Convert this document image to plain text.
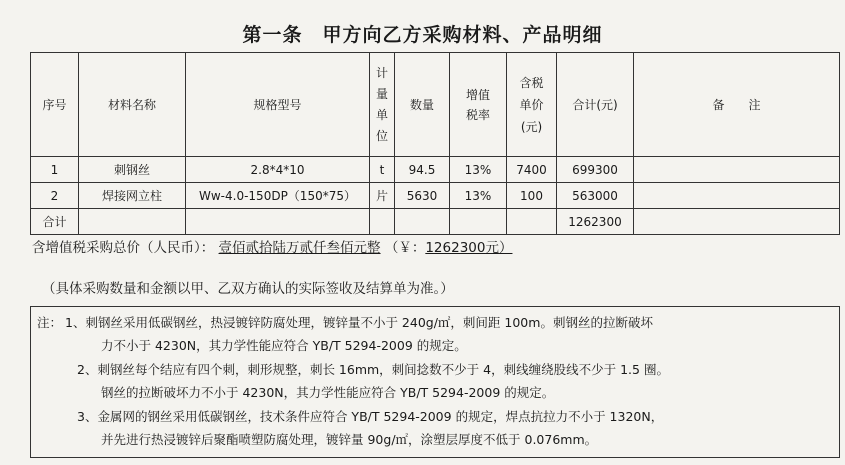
第一条　甲方向乙方采购材料、产品明细
序号	材料名称	规格型号	计量单位	数量	增值税率	含税单价(元)	合计(元)	备　　注
1	刺钢丝	2.8*4*10	t	94.5	13%	7400	699300	
2	焊接网立柱	Ww-4.0-150DP（150*75）	片	5630	13%	100	563000	
合计							1262300	
含增值税采购总价（人民币）： 壹佰贰拾陆万贰仟叁佰元整 （￥：1262300元）
（具体采购数量和金额以甲、乙双方确认的实际签收及结算单为准。）
注： 1、刺钢丝采用低碳钢丝，热浸镀锌防腐处理，镀锌量不小于 240g/㎡，刺间距 100m。刺钢丝的拉断破坏
力不小于 4230N，其力学性能应符合 YB/T 5294-2009 的规定。
2、刺钢丝每个结应有四个刺，刺形规整，刺长 16mm，刺间捻数不少于 4，刺线缠绕股线不少于 1.5 圈。
钢丝的拉断破坏力不小于 4230N，其力学性能应符合 YB/T 5294-2009 的规定。
3、金属网的钢丝采用低碳钢丝，技术条件应符合 YB/T 5294-2009 的规定，焊点抗拉力不小于 1320N，
并先进行热浸镀锌后聚酯喷塑防腐处理，镀锌量 90g/㎡，涂塑层厚度不低于 0.076mm。
